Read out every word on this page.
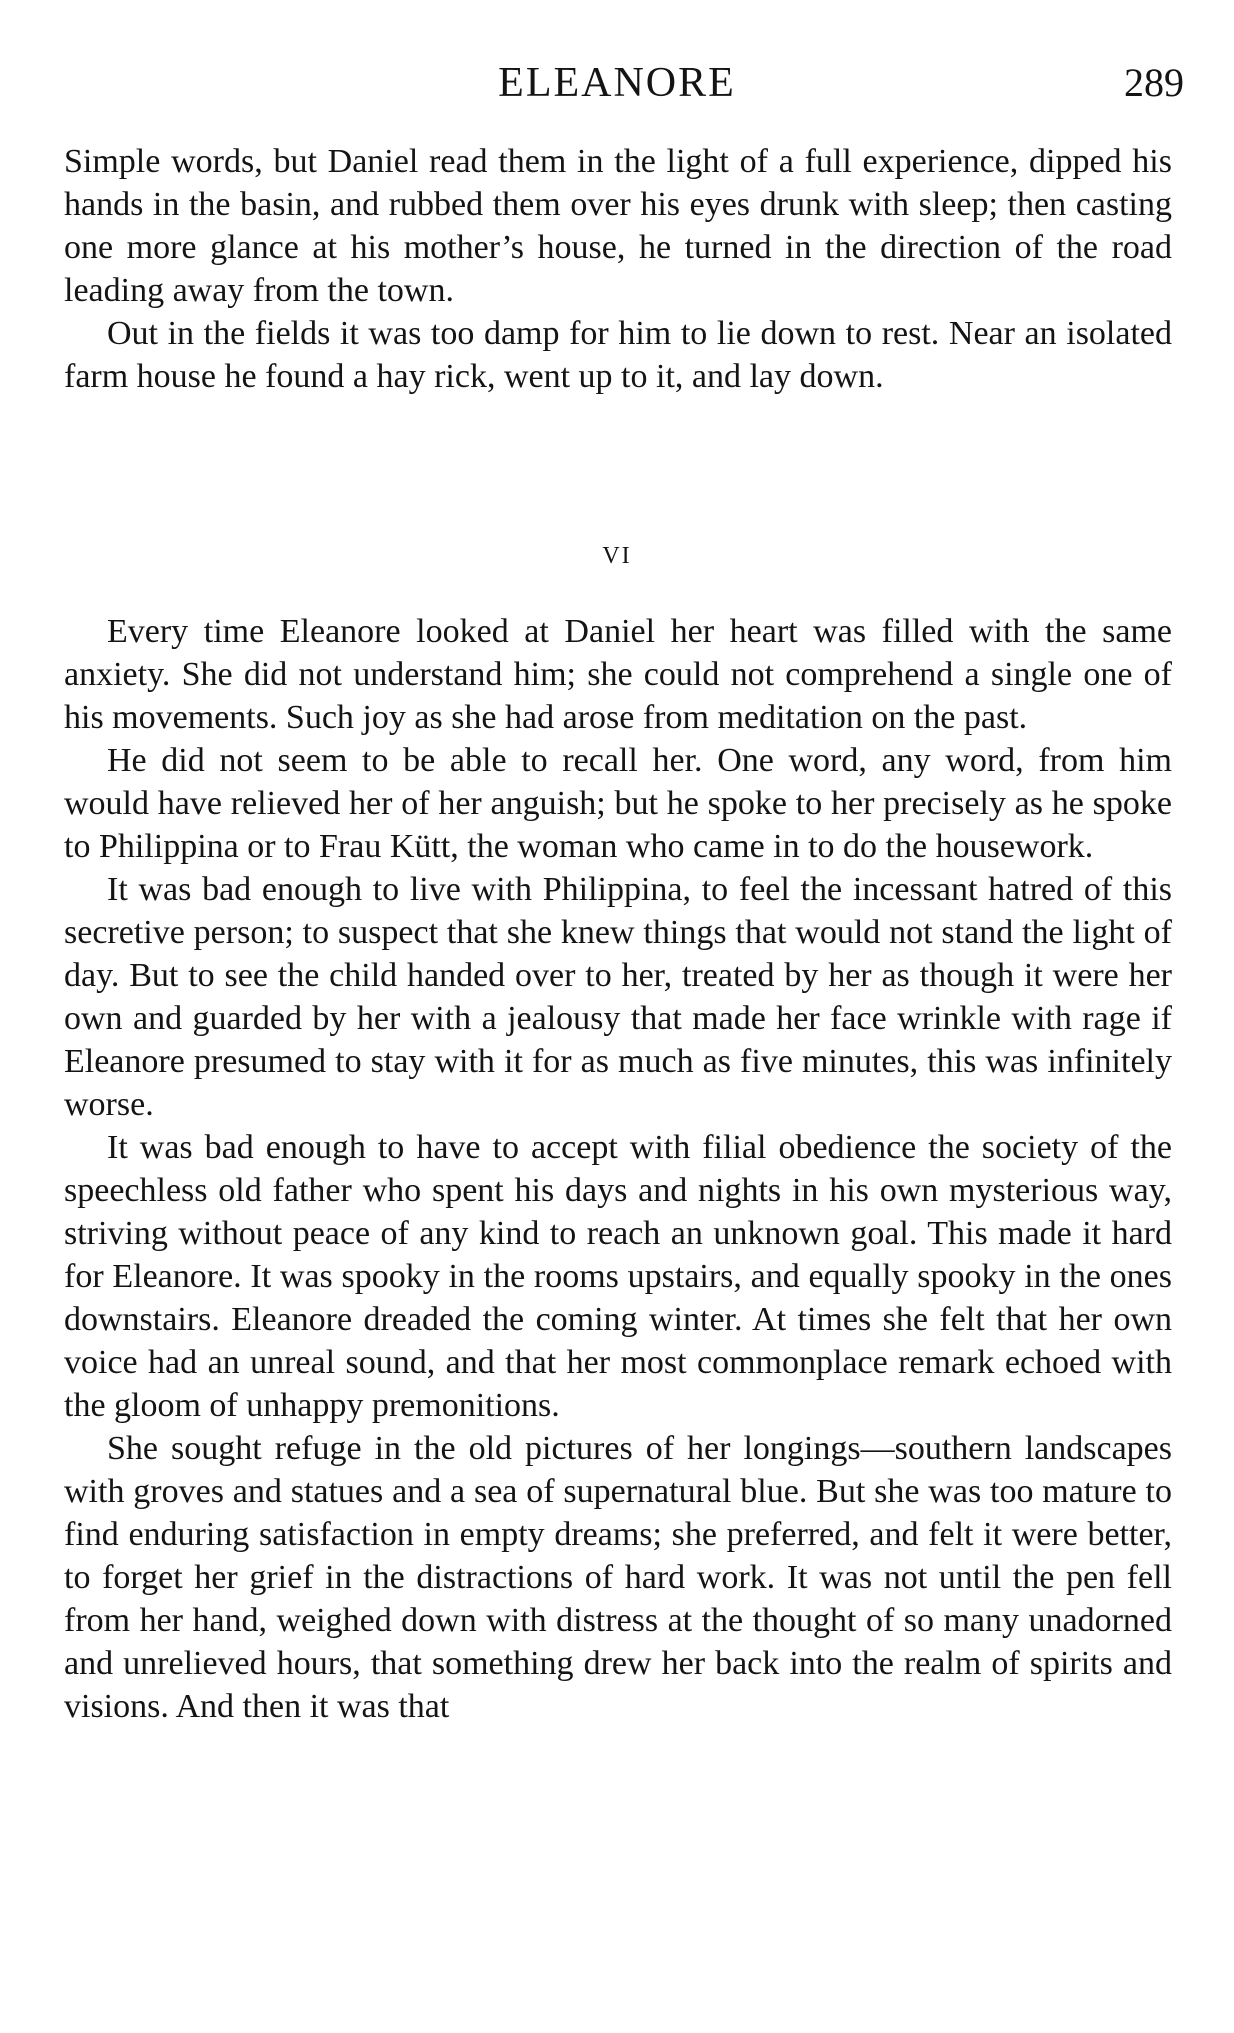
ELEANORE	289

Simple words, but Daniel read them in the light of a full experience, dipped his hands in the basin, and rubbed them over his eyes drunk with sleep; then casting one more glance at his mother’s house, he turned in the direction of the road leading away from the town.

Out in the fields it was too damp for him to lie down to rest. Near an isolated farm house he found a hay rick, went up to it, and lay down.

VI

Every time Eleanore looked at Daniel her heart was filled with the same anxiety. She did not understand him; she could not comprehend a single one of his movements. Such joy as she had arose from meditation on the past.

He did not seem to be able to recall her. One word, any word, from him would have relieved her of her anguish; but he spoke to her precisely as he spoke to Philippina or to Frau Kütt, the woman who came in to do the housework.

It was bad enough to live with Philippina, to feel the incessant hatred of this secretive person; to suspect that she knew things that would not stand the light of day. But to see the child handed over to her, treated by her as though it were her own and guarded by her with a jealousy that made her face wrinkle with rage if Eleanore presumed to stay with it for as much as five minutes, this was infinitely worse.

It was bad enough to have to accept with filial obedience the society of the speechless old father who spent his days and nights in his own mysterious way, striving without peace of any kind to reach an unknown goal. This made it hard for Eleanore. It was spooky in the rooms upstairs, and equally spooky in the ones downstairs. Eleanore dreaded the coming winter. At times she felt that her own voice had an unreal sound, and that her most commonplace remark echoed with the gloom of unhappy premonitions.

She sought refuge in the old pictures of her longings—southern landscapes with groves and statues and a sea of supernatural blue. But she was too mature to find enduring satisfaction in empty dreams; she preferred, and felt it were better, to forget her grief in the distractions of hard work. It was not until the pen fell from her hand, weighed down with distress at the thought of so many unadorned and unrelieved hours, that something drew her back into the realm of spirits and visions. And then it was that
